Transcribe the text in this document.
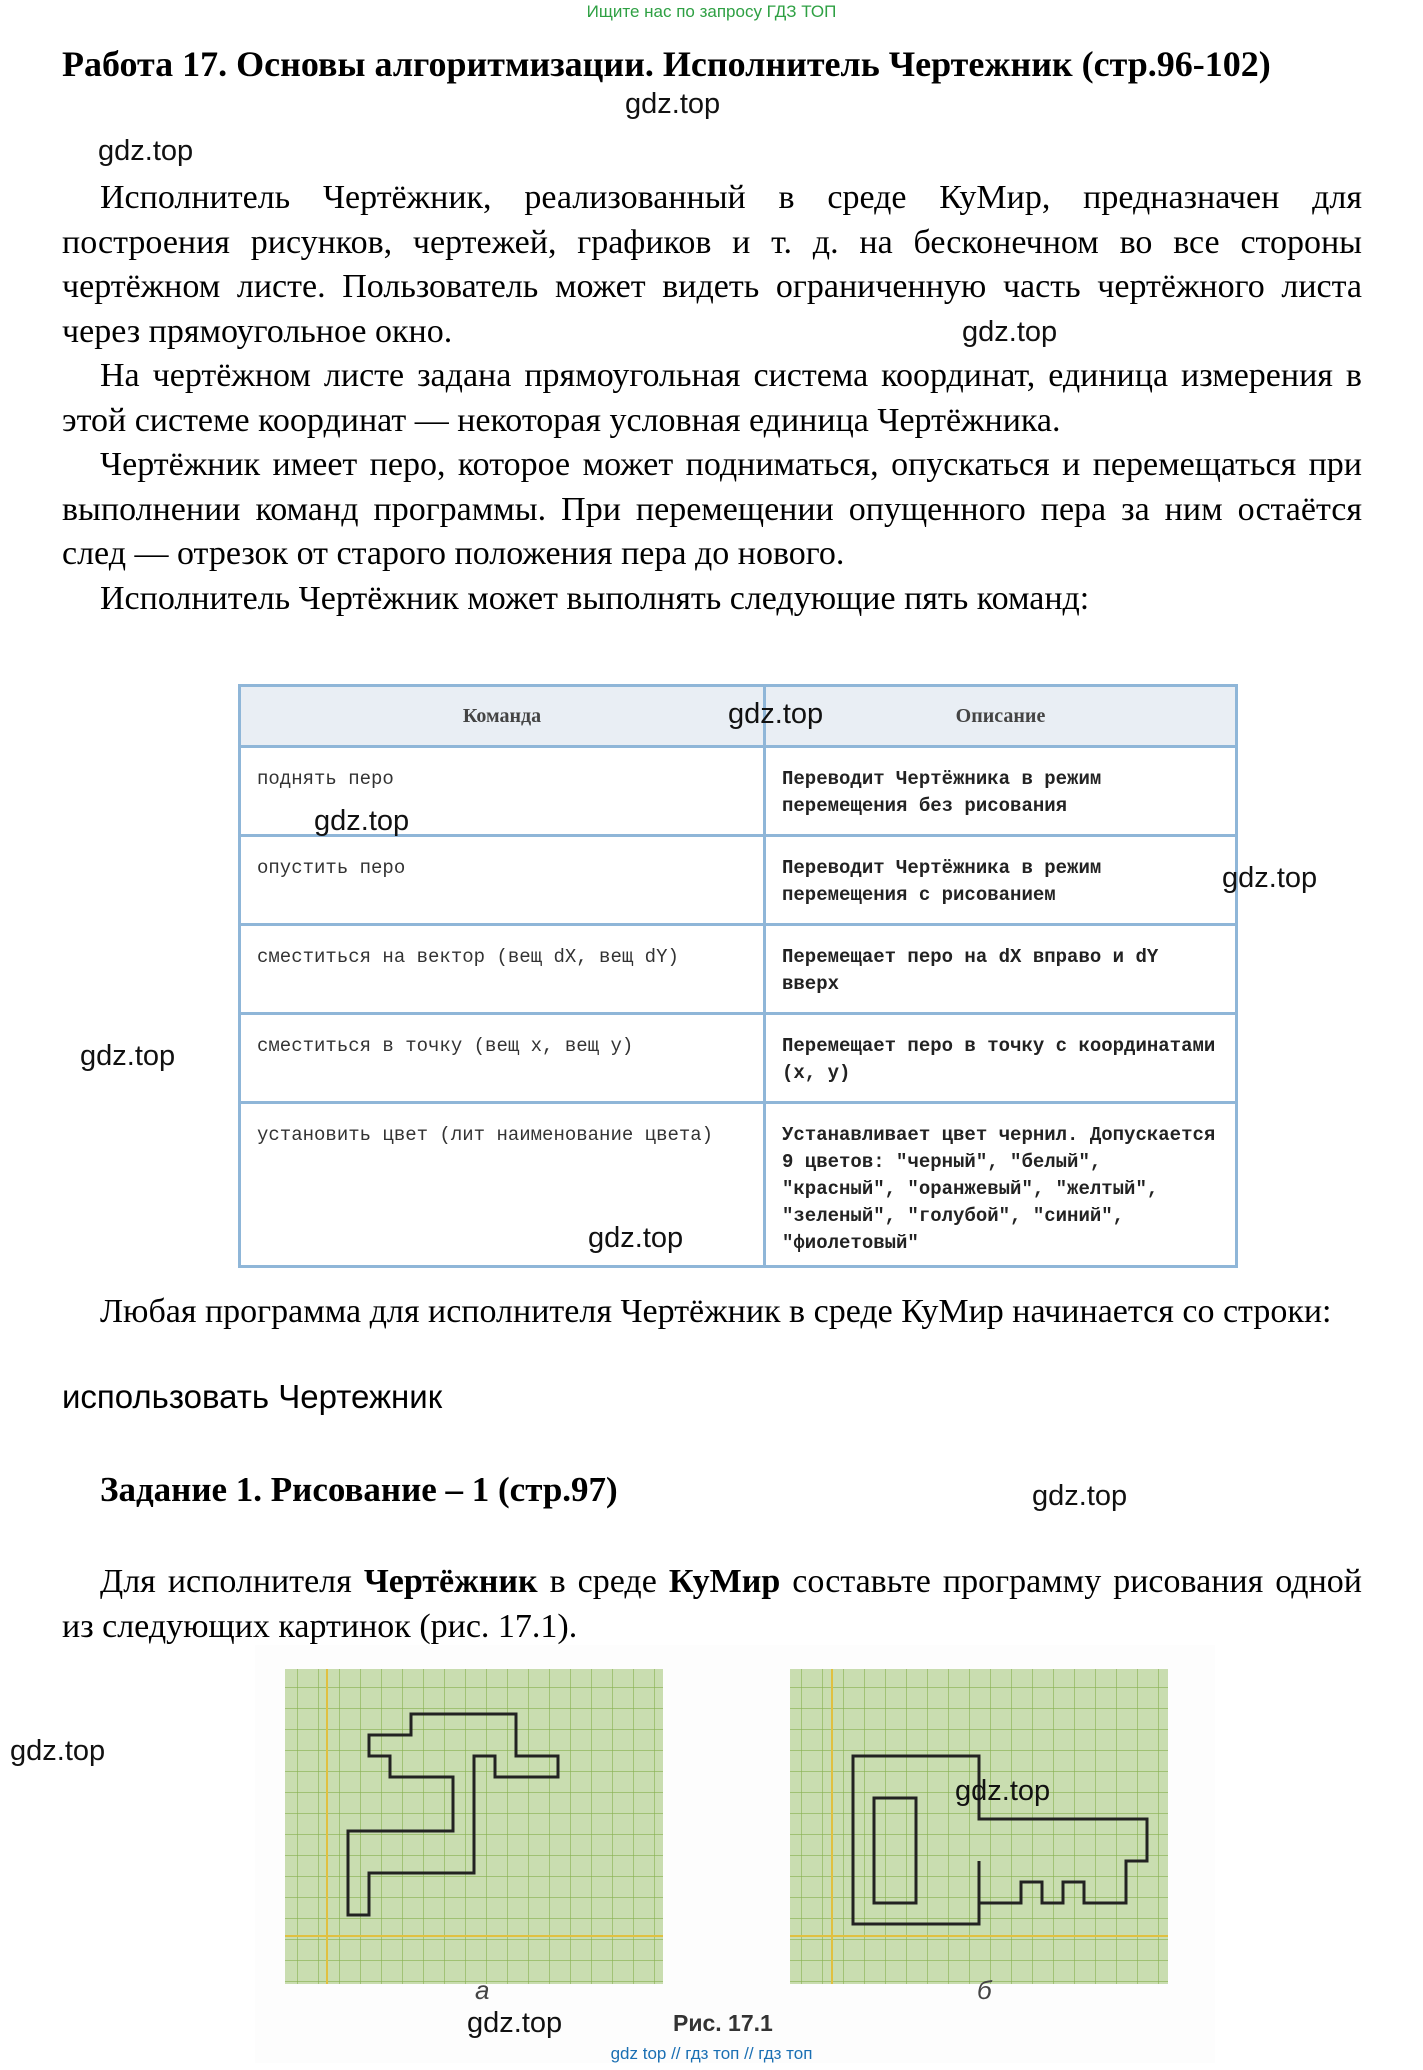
Ищите нас по запросу ГДЗ ТОП
Работа 17. Основы алгоритмизации. Исполнитель Чертежник (стр.96-102)
gdz.top
gdz.top

Исполнитель Чертёжник, реализованный в среде КуМир, предназначен для построения рисунков, чертежей, графиков и т. д. на бесконечном во все стороны чертёжном листе. Пользователь может видеть ограниченную часть чертёжного листа через прямоугольное окно.

На чертёжном листе задана прямоугольная система координат, единица измерения в этой системе координат — некоторая условная единица Чертёжника.

Чертёжник имеет перо, которое может подниматься, опускаться и перемещаться при выполнении команд программы. При перемещении опущенного пера за ним остаётся след — отрезок от старого положения пера до нового.

Исполнитель Чертёжник может выполнять следующие пять команд:

gdz.top
Команда	Описание
поднять перо	Переводит Чертёжника в режим перемещения без рисования
опустить перо	Переводит Чертёжника в режим перемещения с рисованием
сместиться на вектор (вещ dX, вещ dY)	Перемещает перо на dX вправо и dY вверх
сместиться в точку (вещ x, вещ y)	Перемещает перо в точку с координатами (x, y)
установить цвет (лит наименование цвета)	Устанавливает цвет чернил. Допускается 9 цветов: "черный", "белый", "красный", "оранжевый", "желтый", "зеленый", "голубой", "синий", "фиолетовый"
gdz.top
gdz.top
gdz.top
gdz.top
gdz.top

Любая программа для исполнителя Чертёжник в среде КуМир начинается со строки:

использовать Чертежник
Задание 1. Рисование – 1 (стр.97)	gdz.top

Для исполнителя Чертёжник в среде КуМир составьте программу рисования одной из следующих картинок (рис. 17.1).

gdz.top
а	б
Рис. 17.1
gdz.top
gdz.top
gdz top // гдз топ // гдз топ
